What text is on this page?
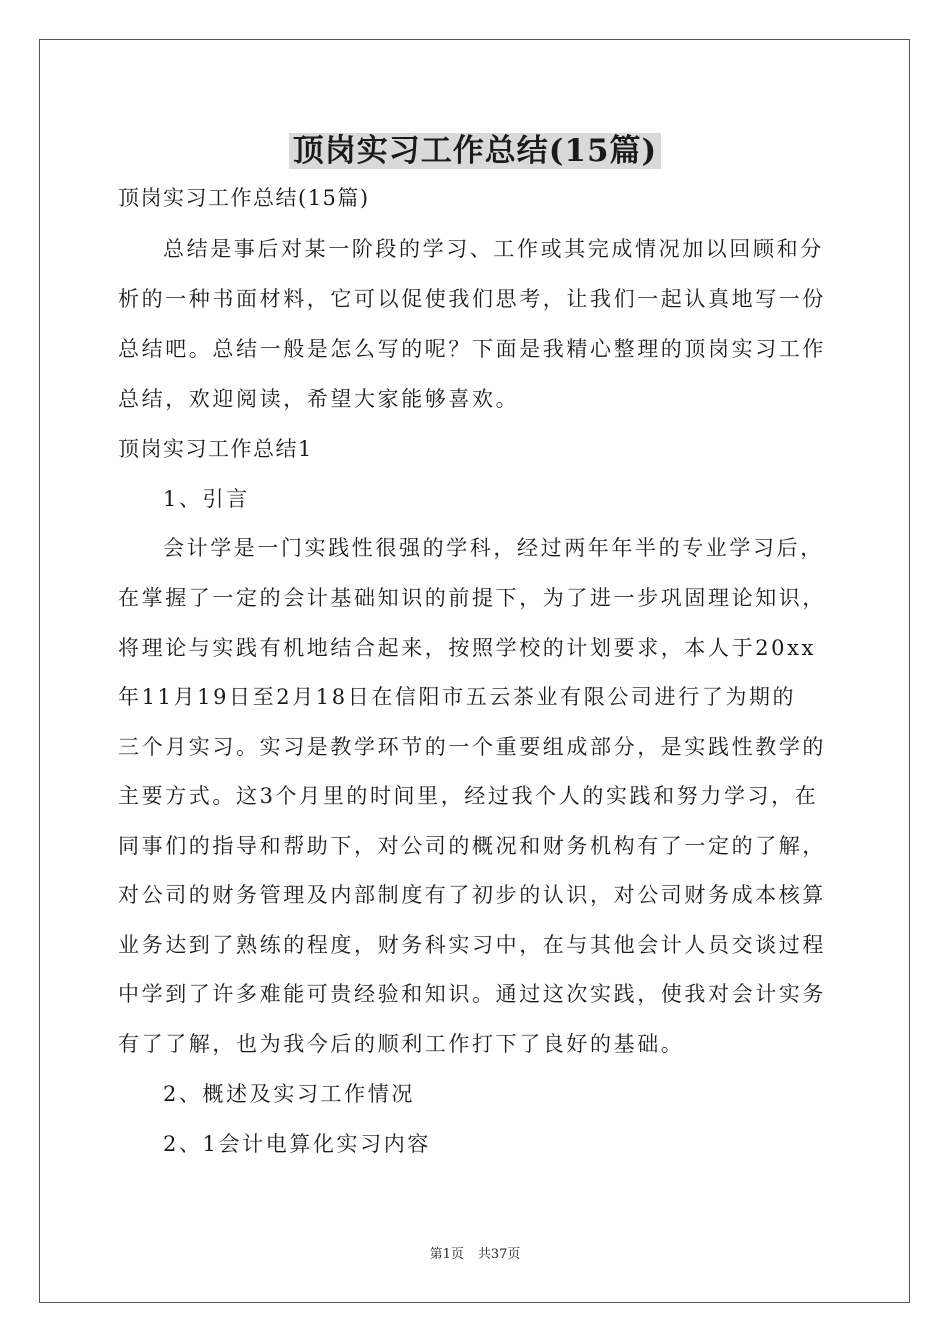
顶岗实习工作总结(15篇)
顶岗实习工作总结(15篇)
总结是事后对某一阶段的学习、工作或其完成情况加以回顾和分
析的一种书面材料，它可以促使我们思考，让我们一起认真地写一份
总结吧。总结一般是怎么写的呢？下面是我精心整理的顶岗实习工作
总结，欢迎阅读，希望大家能够喜欢。
顶岗实习工作总结1
1、引言
会计学是一门实践性很强的学科，经过两年年半的专业学习后，
在掌握了一定的会计基础知识的前提下，为了进一步巩固理论知识，
将理论与实践有机地结合起来，按照学校的计划要求，本人于20xx
年11月19日至2月18日在信阳市五云茶业有限公司进行了为期的
三个月实习。实习是教学环节的一个重要组成部分，是实践性教学的
主要方式。这3个月里的时间里，经过我个人的实践和努力学习，在
同事们的指导和帮助下，对公司的概况和财务机构有了一定的了解，
对公司的财务管理及内部制度有了初步的认识，对公司财务成本核算
业务达到了熟练的程度，财务科实习中，在与其他会计人员交谈过程
中学到了许多难能可贵经验和知识。通过这次实践，使我对会计实务
有了了解，也为我今后的顺利工作打下了良好的基础。
2、概述及实习工作情况
2、1会计电算化实习内容
第1页 共37页
